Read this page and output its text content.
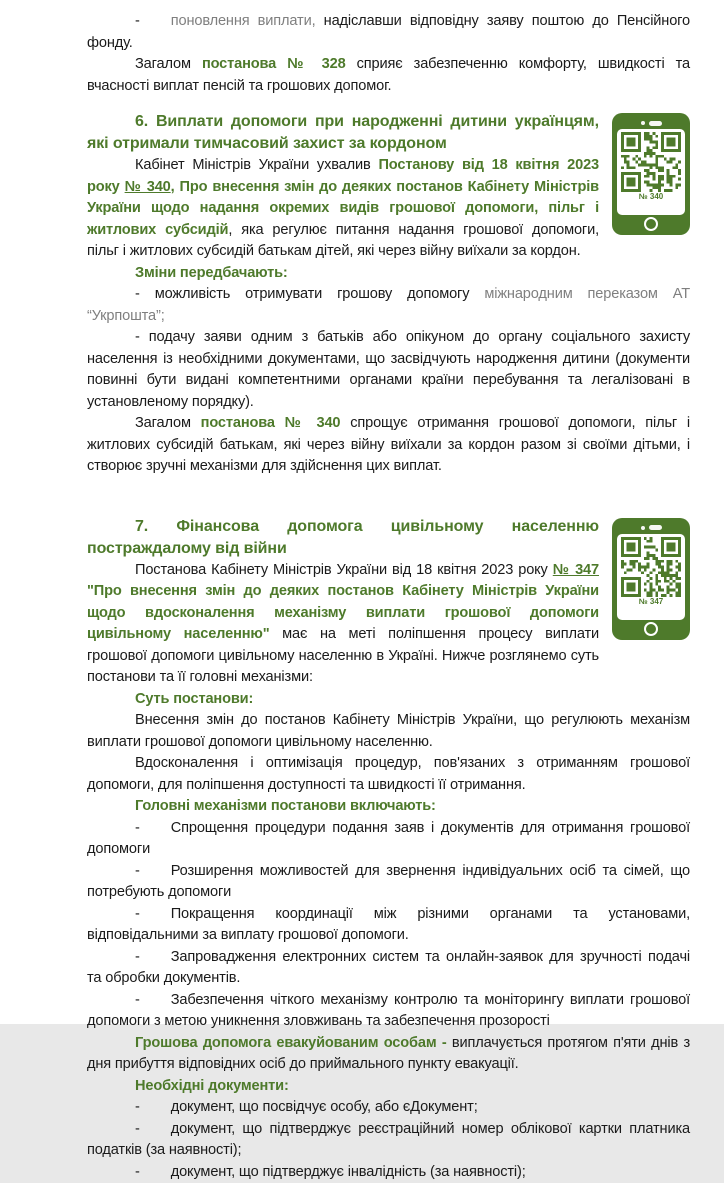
- поновлення виплати, надіславши відповідну заяву поштою до Пенсійного фонду.

Загалом постанова № 328 сприяє забезпеченню комфорту, швидкості та вчасності виплат пенсій та грошових допомог.

№ 340
6. Виплати допомоги при народженні дитини українцям, які отримали тимчасовий захист за кордоном

Кабінет Міністрів України ухвалив Постанову від 18 квітня 2023 року № 340, Про внесення змін до деяких постанов Кабінету Міністрів України щодо надання окремих видів грошової допомоги, пільг і житлових субсидій, яка регулює питання надання грошової допомоги, пільг і житлових субсидій батькам дітей, які через війну виїхали за кордон.

Зміни передбачають:

- можливість отримувати грошову допомогу міжнародним переказом АТ “Укрпошта”;

- подачу заяви одним з батьків або опікуном до органу соціального захисту населення із необхідними документами, що засвідчують народження дитини (документи повинні бути видані компетентними органами країни перебування та легалізовані в установленому порядку).

Загалом постанова № 340 спрощує отримання грошової допомоги, пільг і житлових субсидій батькам, які через війну виїхали за кордон разом зі своїми дітьми, і створює зручні механізми для здійснення цих виплат.

№ 347
7. Фінансова допомога цивільному населенню постраждалому від війни

Постанова Кабінету Міністрів України від 18 квітня 2023 року № 347 "Про внесення змін до деяких постанов Кабінету Міністрів України щодо вдосконалення механізму виплати грошової допомоги цивільному населенню" має на меті поліпшення процесу виплати грошової допомоги цивільному населенню в Україні. Нижче розглянемо суть постанови та її головні механізми:

Суть постанови:

Внесення змін до постанов Кабінету Міністрів України, що регулюють механізм виплати грошової допомоги цивільному населенню.

Вдосконалення і оптимізація процедур, пов'язаних з отриманням грошової допомоги, для поліпшення доступності та швидкості її отримання.

Головні механізми постанови включають:

- Спрощення процедури подання заяв і документів для отримання грошової допомоги

- Розширення можливостей для звернення індивідуальних осіб та сімей, що потребують допомоги

- Покращення координації між різними органами та установами, відповідальними за виплату грошової допомоги.

- Запровадження електронних систем та онлайн-заявок для зручності подачі та обробки документів.

- Забезпечення чіткого механізму контролю та моніторингу виплати грошової допомоги з метою уникнення зловживань та забезпечення прозорості

Грошова допомога евакуйованим особам - виплачується протягом п'яти днів з дня прибуття відповідних осіб до приймального пункту евакуації.

Необхідні документи:

- документ, що посвідчує особу, або єДокумент;

- документ, що підтверджує реєстраційний номер облікової картки платника податків (за наявності);

- документ, що підтверджує інвалідність (за наявності);
